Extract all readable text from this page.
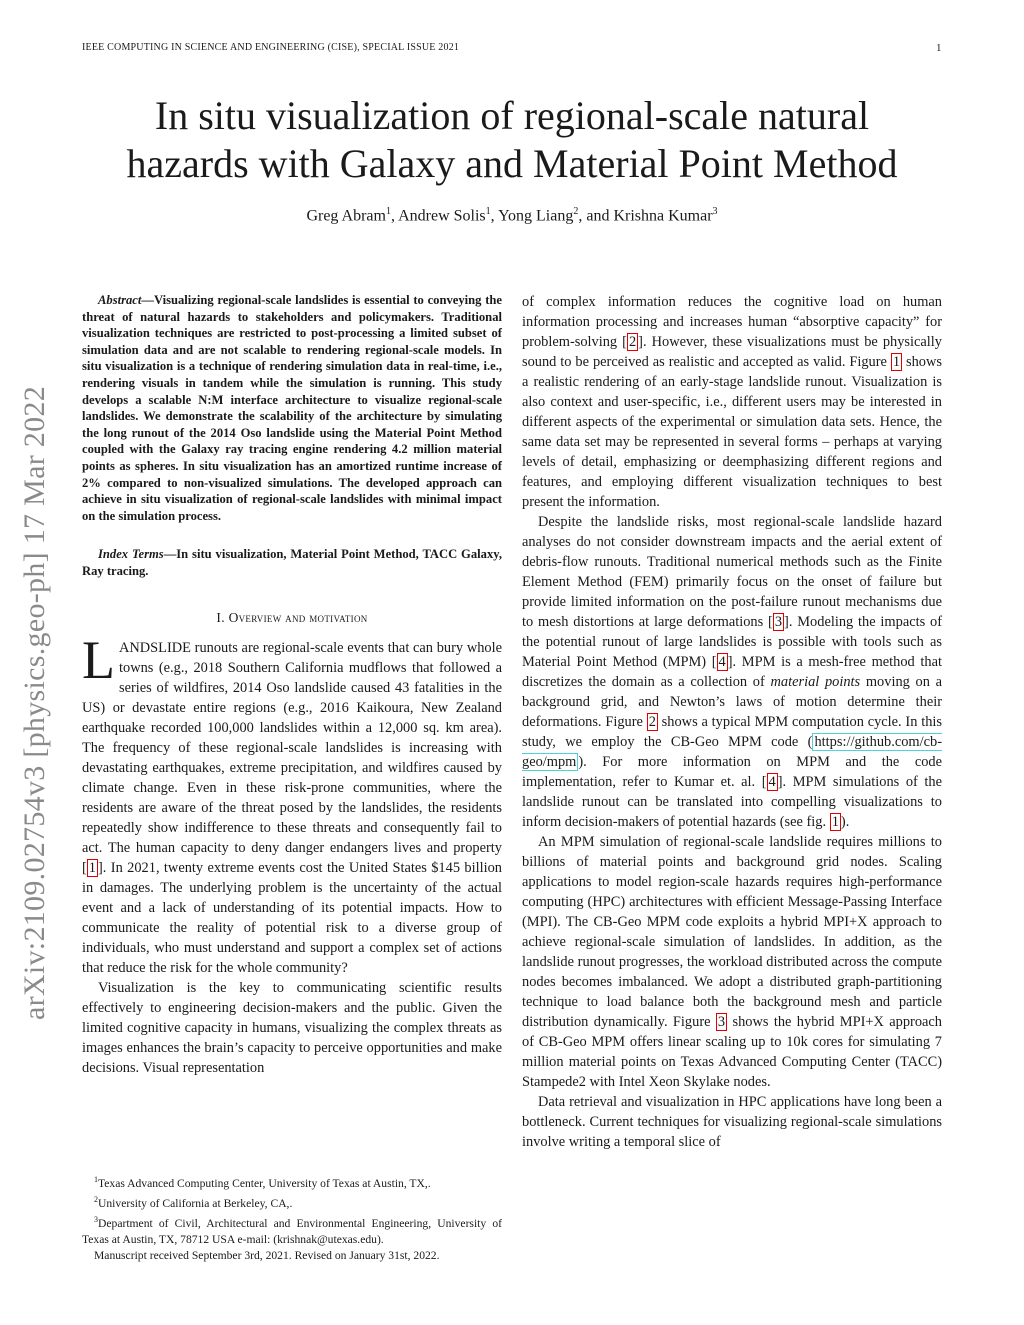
IEEE COMPUTING IN SCIENCE AND ENGINEERING (CISE), SPECIAL ISSUE 2021	1
arXiv:2109.02754v3 [physics.geo-ph] 17 Mar 2022
In situ visualization of regional-scale natural
hazards with Galaxy and Material Point Method
Greg Abram$^1$, Andrew Solis$^1$, Yong Liang$^2$, and Krishna Kumar$^3$

Abstract—Visualizing regional-scale landslides is essential to conveying the threat of natural hazards to stakeholders and policymakers. Traditional visualization techniques are restricted to post-processing a limited subset of simulation data and are not scalable to rendering regional-scale models. In situ visualization is a technique of rendering simulation data in real-time, i.e., rendering visuals in tandem while the simulation is running. This study develops a scalable N:M interface architecture to visualize regional-scale landslides. We demonstrate the scalability of the architecture by simulating the long runout of the 2014 Oso landslide using the Material Point Method coupled with the Galaxy ray tracing engine rendering 4.2 million material points as spheres. In situ visualization has an amortized runtime increase of 2% compared to non-visualized simulations. The developed approach can achieve in situ visualization of regional-scale landslides with minimal impact on the simulation process.

Index Terms—In situ visualization, Material Point Method, TACC Galaxy, Ray tracing.

I. Overview and motivation

LANDSLIDE runouts are regional-scale events that can bury whole towns (e.g., 2018 Southern California mudflows that followed a series of wildfires, 2014 Oso landslide caused 43 fatalities in the US) or devastate entire regions (e.g., 2016 Kaikoura, New Zealand earthquake recorded 100,000 landslides within a 12,000 sq. km area). The frequency of these regional-scale landslides is increasing with devastating earthquakes, extreme precipitation, and wildfires caused by climate change. Even in these risk-prone communities, where the residents are aware of the threat posed by the landslides, the residents repeatedly show indifference to these threats and consequently fail to act. The human capacity to deny danger endangers lives and property [ 1 ]. In 2021, twenty extreme events cost the United States $145 billion in damages. The underlying problem is the uncertainty of the actual event and a lack of understanding of its potential impacts. How to communicate the reality of potential risk to a diverse group of individuals, who must understand and support a complex set of actions that reduce the risk for the whole community?

Visualization is the key to communicating scientific results effectively to engineering decision-makers and the public. Given the limited cognitive capacity in humans, visualizing the complex threats as images enhances the brain’s capacity to perceive opportunities and make decisions. Visual representation

$^1$Texas Advanced Computing Center, University of Texas at Austin, TX,.

$^2$University of California at Berkeley, CA,.

$^3$Department of Civil, Architectural and Environmental Engineering, University of Texas at Austin, TX, 78712 USA e-mail: (krishnak@utexas.edu).

Manuscript received September 3rd, 2021. Revised on January 31st, 2022.

of complex information reduces the cognitive load on human information processing and increases human “absorptive capacity” for problem-solving [ 2 ]. However, these visualizations must be physically sound to be perceived as realistic and accepted as valid. Figure 1 shows a realistic rendering of an early-stage landslide runout. Visualization is also context and user-specific, i.e., different users may be interested in different aspects of the experimental or simulation data sets. Hence, the same data set may be represented in several forms – perhaps at varying levels of detail, emphasizing or deemphasizing different regions and features, and employing different visualization techniques to best present the information.

Despite the landslide risks, most regional-scale landslide hazard analyses do not consider downstream impacts and the aerial extent of debris-flow runouts. Traditional numerical methods such as the Finite Element Method (FEM) primarily focus on the onset of failure but provide limited information on the post-failure runout mechanisms due to mesh distortions at large deformations [ 3 ]. Modeling the impacts of the potential runout of large landslides is possible with tools such as Material Point Method (MPM) [ 4 ]. MPM is a mesh-free method that discretizes the domain as a collection of material points moving on a background grid, and Newton’s laws of motion determine their deformations. Figure 2 shows a typical MPM computation cycle. In this study, we employ the CB-Geo MPM code ( https://github.com/cb-geo/mpm ). For more information on MPM and the code implementation, refer to Kumar et. al. [ 4 ]. MPM simulations of the landslide runout can be translated into compelling visualizations to inform decision-makers of potential hazards (see fig. 1 ).

An MPM simulation of regional-scale landslide requires millions to billions of material points and background grid nodes. Scaling applications to model region-scale hazards requires high-performance computing (HPC) architectures with efficient Message-Passing Interface (MPI). The CB-Geo MPM code exploits a hybrid MPI+X approach to achieve regional-scale simulation of landslides. In addition, as the landslide runout progresses, the workload distributed across the compute nodes becomes imbalanced. We adopt a distributed graph-partitioning technique to load balance both the background mesh and particle distribution dynamically. Figure 3 shows the hybrid MPI+X approach of CB-Geo MPM offers linear scaling up to 10k cores for simulating 7 million material points on Texas Advanced Computing Center (TACC) Stampede2 with Intel Xeon Skylake nodes.

Data retrieval and visualization in HPC applications have long been a bottleneck. Current techniques for visualizing regional-scale simulations involve writing a temporal slice of
